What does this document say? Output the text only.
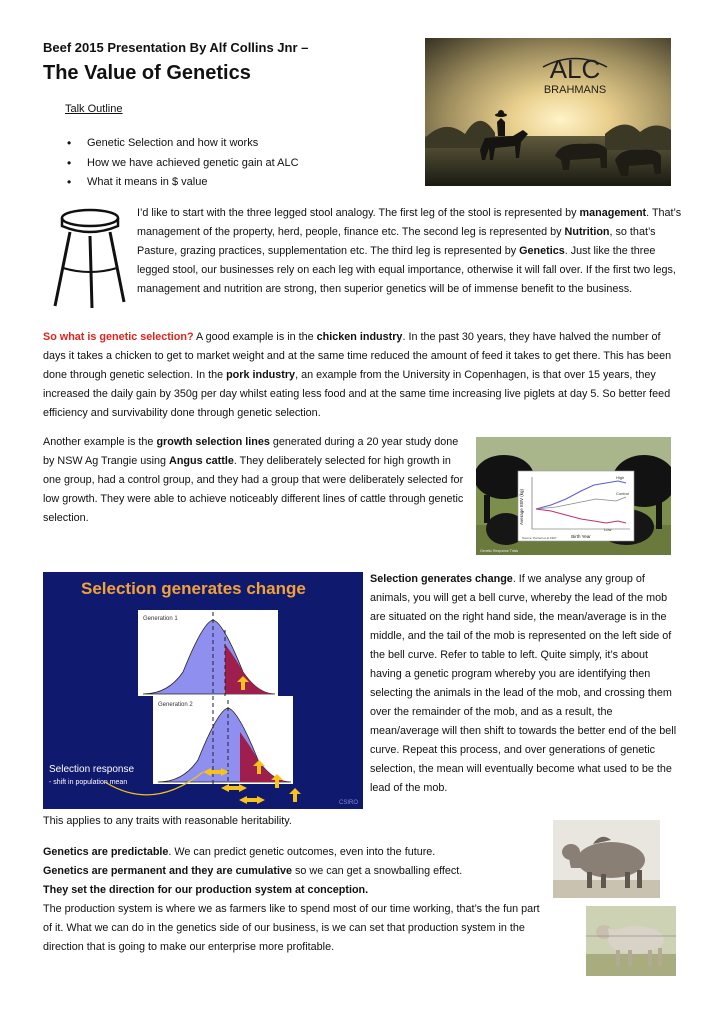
Beef 2015 Presentation By Alf Collins Jnr –
The Value of Genetics	ALC
BRAHMANS
Talk Outline
• Genetic Selection and how it works
• How we have achieved genetic gain at ALC
• What it means in $ value
I’d like to start with the three legged stool analogy. The first leg of the stool is represented by management. That’s management of the property, herd, people, finance etc. The second leg is represented by Nutrition, so that’s Pasture, grazing practices, supplementation etc. The third leg is represented by Genetics. Just like the three legged stool, our businesses rely on each leg with equal importance, otherwise it will fall over. If the first two legs, management and nutrition are strong, then superior genetics will be of immense benefit to the business.
So what is genetic selection? A good example is in the chicken industry. In the past 30 years, they have halved the number of days it takes a chicken to get to market weight and at the same time reduced the amount of feed it takes to get there. This has been done through genetic selection. In the pork industry, an example from the University in Copenhagen, is that over 15 years, they increased the daily gain by 350g per day whilst eating less food and at the same time increasing live piglets at day 5. So better feed efficiency and survivability done through genetic selection.
Another example is the growth selection lines generated during a 20 year study done by NSW Ag Trangie using Angus cattle. They deliberately selected for high growth in one group, had a control group, and they had a group that were deliberately selected for low growth. They were able to achieve noticeably different lines of cattle through genetic selection.	Average EBV (kg)
Birth Year
High
Control
Low
Source: Parnell et al 1997
Genetic Response Trials
Selection generates change
Generation 1
Generation 2
Selection response
- shift in population mean
CSIRO
Selection generates change. If we analyse any group of animals, you will get a bell curve, whereby the lead of the mob are situated on the right hand side, the mean/average is in the middle, and the tail of the mob is represented on the left side of the bell curve. Refer to table to left. Quite simply, it’s about having a genetic program whereby you are identifying then selecting the animals in the lead of the mob, and crossing them over the remainder of the mob, and as a result, the mean/average will then shift to towards the better end of the bell curve. Repeat this process, and over generations of genetic selection, the mean will eventually become what used to be the lead of the mob.
This applies to any traits with reasonable heritability.
Genetics are predictable. We can predict genetic outcomes, even into the future.
Genetics are permanent and they are cumulative so we can get a snowballing effect.
They set the direction for our production system at conception.
The production system is where we as farmers like to spend most of our time working, that’s the fun part of it. What we can do in the genetics side of our business, is we can set that production system in the direction that is going to make our enterprise more profitable.
